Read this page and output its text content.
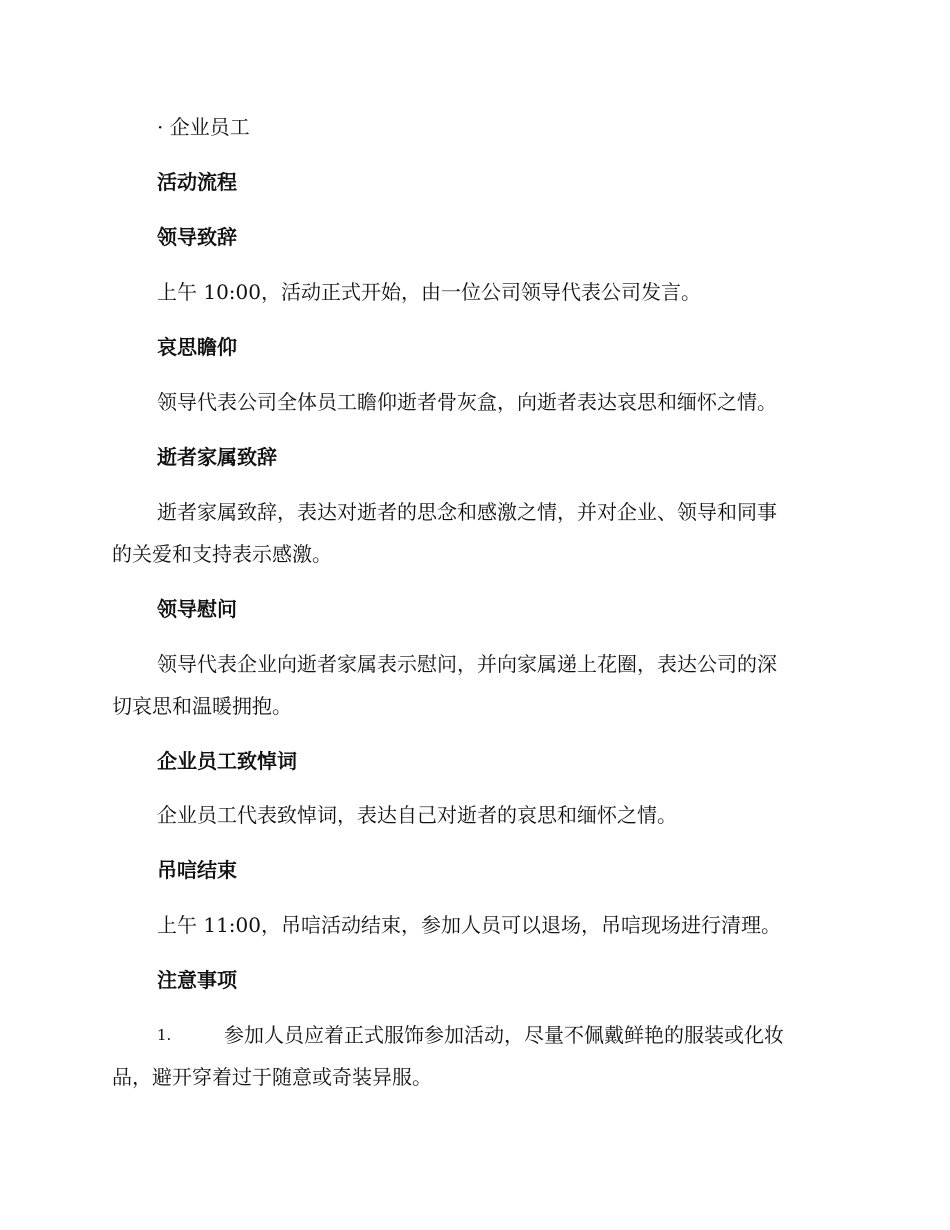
· 企业员工
活动流程
领导致辞
上午 10:00，活动正式开始，由一位公司领导代表公司发言。
哀思瞻仰
领导代表公司全体员工瞻仰逝者骨灰盒，向逝者表达哀思和缅怀之情。
逝者家属致辞
逝者家属致辞，表达对逝者的思念和感激之情，并对企业、领导和同事
的关爱和支持表示感激。
领导慰问
领导代表企业向逝者家属表示慰问，并向家属递上花圈，表达公司的深
切哀思和温暖拥抱。
企业员工致悼词
企业员工代表致悼词，表达自己对逝者的哀思和缅怀之情。
吊唁结束
上午 11:00，吊唁活动结束，参加人员可以退场，吊唁现场进行清理。
注意事项
1.	参加人员应着正式服饰参加活动，尽量不佩戴鲜艳的服装或化妆
品，避开穿着过于随意或奇装异服。
